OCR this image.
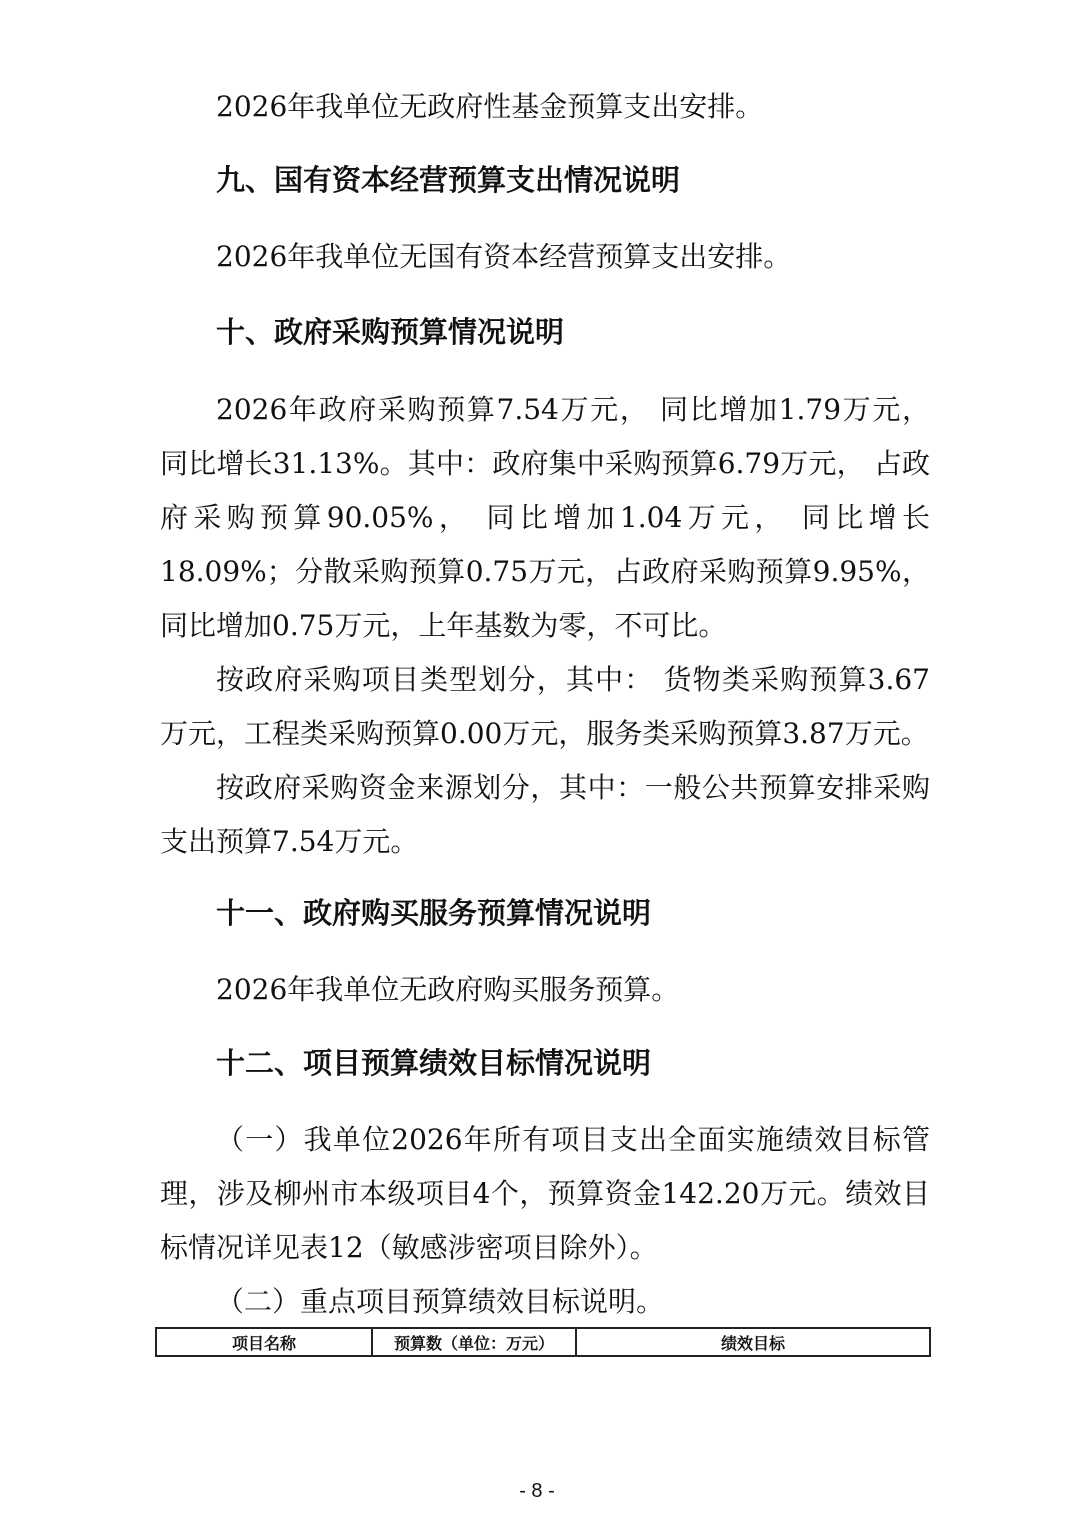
2026年我单位无政府性基金预算支出安排。

九、国有资本经营预算支出情况说明

2026年我单位无国有资本经营预算支出安排。

十、政府采购预算情况说明

2026年政府采购预算7.54万元， 同比增加1.79万元， 同比增长31.13%。其中：政府集中采购预算6.79万元， 占政府采购预算90.05%， 同比增加1.04万元， 同比增长18.09%；分散采购预算0.75万元，占政府采购预算9.95%，同比增加0.75万元，上年基数为零，不可比。

按政府采购项目类型划分，其中： 货物类采购预算3.67万元，工程类采购预算0.00万元，服务类采购预算3.87万元。

按政府采购资金来源划分，其中：一般公共预算安排采购支出预算7.54万元。

十一、政府购买服务预算情况说明

2026年我单位无政府购买服务预算。

十二、项目预算绩效目标情况说明

（一）我单位2026年所有项目支出全面实施绩效目标管理，涉及柳州市本级项目4个，预算资金142.20万元。绩效目标情况详见表12（敏感涉密项目除外）。

（二）重点项目预算绩效目标说明。

项目名称	预算数（单位：万元）	绩效目标
- 8 -
